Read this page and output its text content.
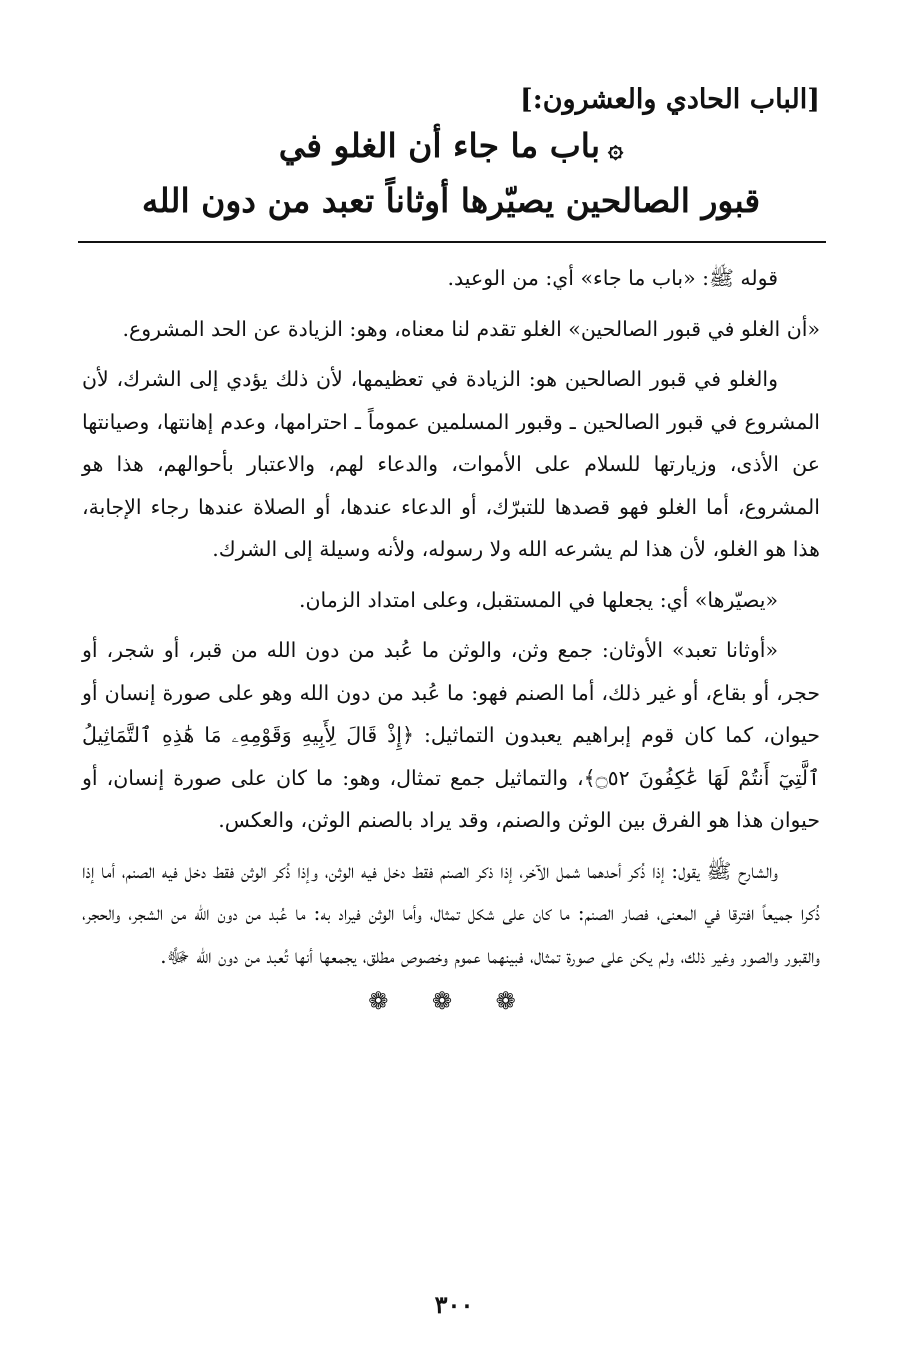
[الباب الحادي والعشرون:]

۞باب ما جاء أن الغلو في
قبور الصالحين يصيّرها أوثاناً تعبد من دون الله

قوله ﷺ: «باب ما جاء» أي: من الوعيد.

«أن الغلو في قبور الصالحين» الغلو تقدم لنا معناه، وهو: الزيادة عن الحد المشروع.

والغلو في قبور الصالحين هو: الزيادة في تعظيمها، لأن ذلك يؤدي إلى الشرك، لأن المشروع في قبور الصالحين ـ وقبور المسلمين عموماً ـ احترامها، وعدم إهانتها، وصيانتها عن الأذى، وزيارتها للسلام على الأموات، والدعاء لهم، والاعتبار بأحوالهم، هذا هو المشروع، أما الغلو فهو قصدها للتبرّك، أو الدعاء عندها، أو الصلاة عندها رجاء الإجابة، هذا هو الغلو، لأن هذا لم يشرعه الله ولا رسوله، ولأنه وسيلة إلى الشرك.

«يصيّرها» أي: يجعلها في المستقبل، وعلى امتداد الزمان.

«أوثانا تعبد» الأوثان: جمع وثن، والوثن ما عُبد من دون الله من قبر، أو شجر، أو حجر، أو بقاع، أو غير ذلك، أما الصنم فهو: ما عُبد من دون الله وهو على صورة إنسان أو حيوان، كما كان قوم إبراهيم يعبدون التماثيل: ﴿إِذْ قَالَ لِأَبِيهِ وَقَوْمِهِۦ مَا هَٰذِهِ ٱلتَّمَاثِيلُ ٱلَّتِيٓ أَنتُمْ لَهَا عَٰكِفُونَ ۝٥٢﴾، والتماثيل جمع تمثال، وهو: ما كان على صورة إنسان، أو حيوان هذا هو الفرق بين الوثن والصنم، وقد يراد بالصنم الوثن، والعكس.

والشارح ﷺ يقول: إذا ذُكر أحدهما شمل الآخر، إذا ذكر الصنم فقط دخل فيه الوثن، وإذا ذُكر الوثن فقط دخل فيه الصنم، أما إذا ذُكرا جميعاً افترقا في المعنى، فصار الصنم: ما كان على شكل تمثال، وأما الوثن فيراد به: ما عُبد من دون الله من الشجر، والحجر، والقبور والصور وغير ذلك، ولم يكن على صورة تمثال، فبينهما عموم وخصوص مطلق، يجمعها أنها تُعبد من دون الله ﷻ.

❁ ❁ ❁
٣٠٠
